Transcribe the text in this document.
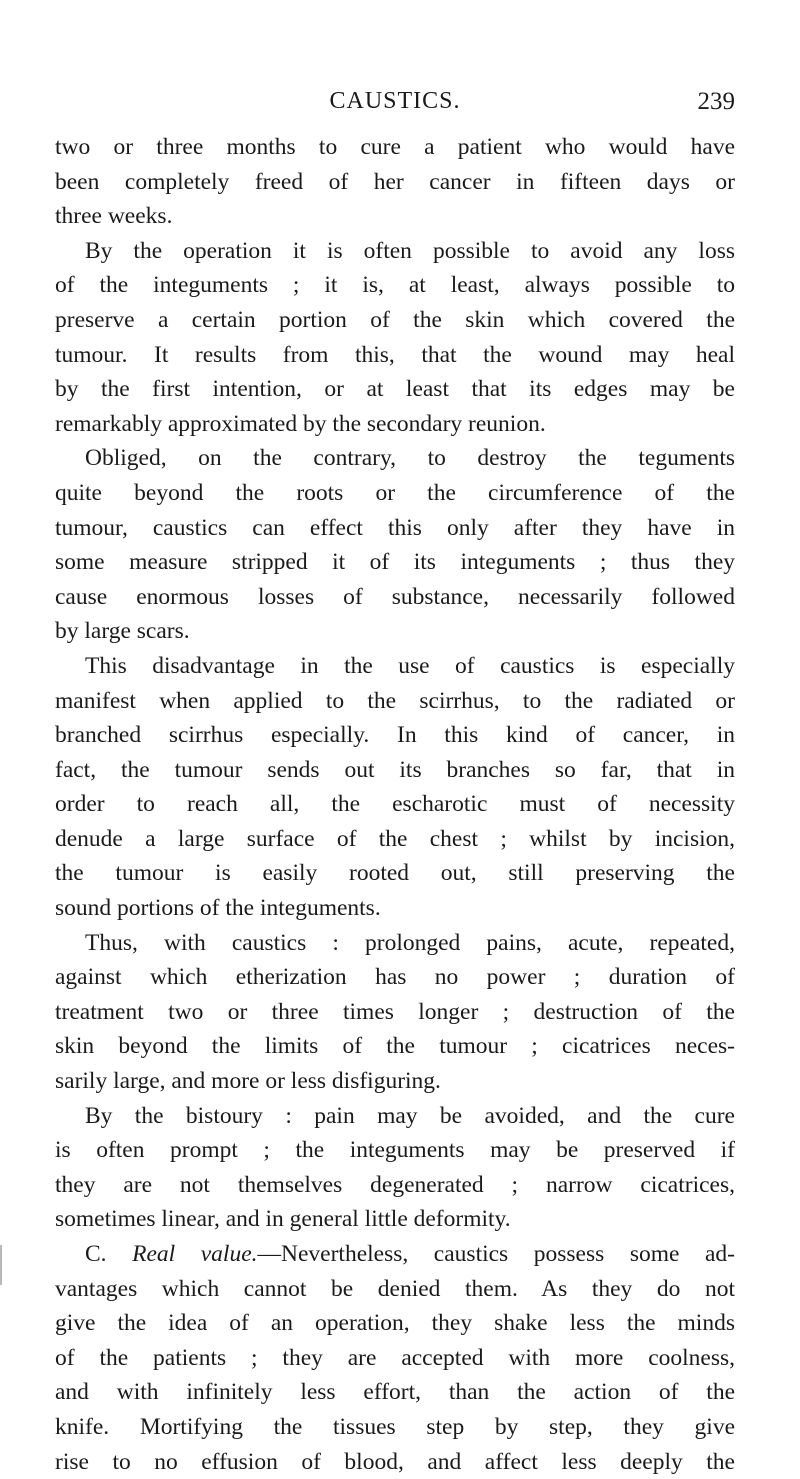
CAUSTICS.	239
two or three months to cure a patient who would have
been completely freed of her cancer in fifteen days or
three weeks.
By the operation it is often possible to avoid any loss
of the integuments ; it is, at least, always possible to
preserve a certain portion of the skin which covered the
tumour. It results from this, that the wound may heal
by the first intention, or at least that its edges may be
remarkably approximated by the secondary reunion.
Obliged, on the contrary, to destroy the teguments
quite beyond the roots or the circumference of the
tumour, caustics can effect this only after they have in
some measure stripped it of its integuments ; thus they
cause enormous losses of substance, necessarily followed
by large scars.
This disadvantage in the use of caustics is especially
manifest when applied to the scirrhus, to the radiated or
branched scirrhus especially. In this kind of cancer, in
fact, the tumour sends out its branches so far, that in
order to reach all, the escharotic must of necessity
denude a large surface of the chest ; whilst by incision,
the tumour is easily rooted out, still preserving the
sound portions of the integuments.
Thus, with caustics : prolonged pains, acute, repeated,
against which etherization has no power ; duration of
treatment two or three times longer ; destruction of the
skin beyond the limits of the tumour ; cicatrices neces-
sarily large, and more or less disfiguring.
By the bistoury : pain may be avoided, and the cure
is often prompt ; the integuments may be preserved if
they are not themselves degenerated ; narrow cicatrices,
sometimes linear, and in general little deformity.
C. Real value.—Nevertheless, caustics possess some ad-
vantages which cannot be denied them. As they do not
give the idea of an operation, they shake less the minds
of the patients ; they are accepted with more coolness,
and with infinitely less effort, than the action of the
knife. Mortifying the tissues step by step, they give
rise to no effusion of blood, and affect less deeply the
